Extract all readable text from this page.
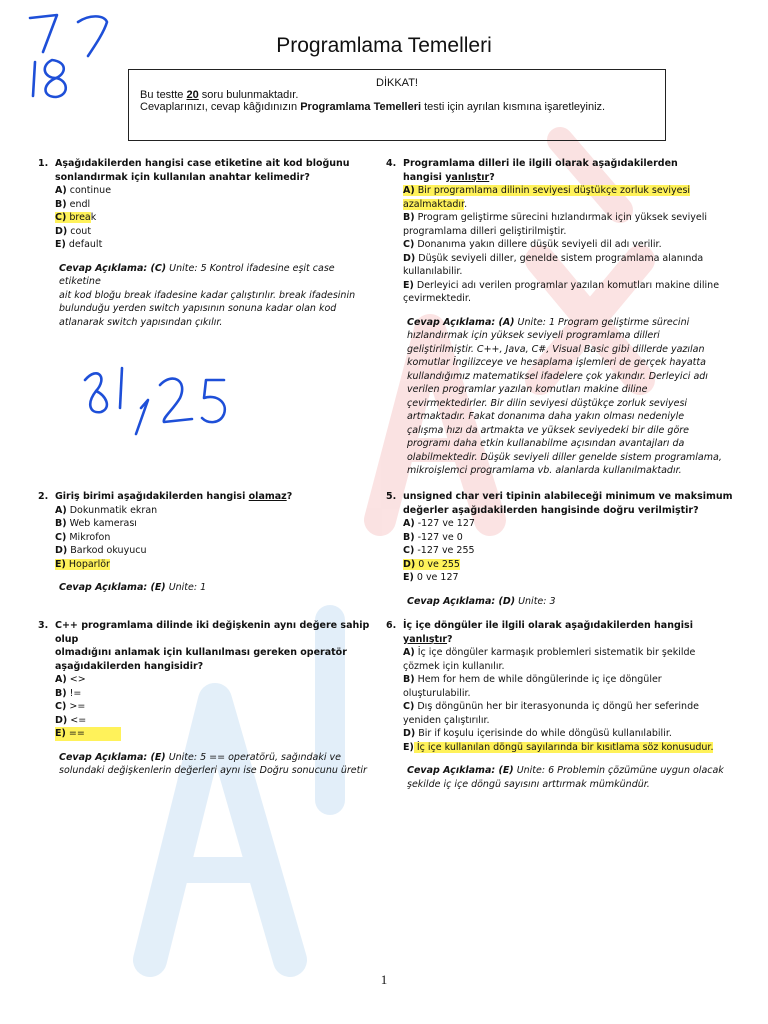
Programlama Temelleri
DİKKAT!
Bu testte 20 soru bulunmaktadır.
Cevaplarınızı, cevap kâğıdınızın Programlama Temelleri testi için ayrılan kısmına işaretleyiniz.
1. Aşağıdakilerden hangisi case etiketine ait kod bloğunu
sonlandırmak için kullanılan anahtar kelimedir?
A) continue
B) endl
C) break
D) cout
E) default
Cevap Açıklama: (C) Unite: 5 Kontrol ifadesine eşit case etiketine
ait kod bloğu break ifadesine kadar çalıştırılır. break ifadesinin
bulunduğu yerden switch yapısının sonuna kadar olan kod
atlanarak switch yapısından çıkılır.
2. Giriş birimi aşağıdakilerden hangisi olamaz?
A) Dokunmatik ekran
B) Web kamerası
C) Mikrofon
D) Barkod okuyucu
E) Hoparlör
Cevap Açıklama: (E) Unite: 1
3. C++ programlama dilinde iki değişkenin aynı değere sahip olup
olmadığını anlamak için kullanılması gereken operatör
aşağıdakilerden hangisidir?
A) <>
B) !=
C) >=
D) <=
E) ==
Cevap Açıklama: (E) Unite: 5 == operatörü, sağındaki ve
solundaki değişkenlerin değerleri aynı ise Doğru sonucunu üretir
4. Programlama dilleri ile ilgili olarak aşağıdakilerden
hangisi yanlıştır?
A) Bir programlama dilinin seviyesi düştükçe zorluk seviyesi
azalmaktadır.
B) Program geliştirme sürecini hızlandırmak için yüksek seviyeli
programlama dilleri geliştirilmiştir.
C) Donanıma yakın dillere düşük seviyeli dil adı verilir.
D) Düşük seviyeli diller, genelde sistem programlama alanında
kullanılabilir.
E) Derleyici adı verilen programlar yazılan komutları makine diline
çevirmektedir.
Cevap Açıklama: (A) Unite: 1 Program geliştirme sürecini
hızlandırmak için yüksek seviyeli programlama dilleri
geliştirilmiştir. C++, Java, C#, Visual Basic gibi dillerde yazılan
komutlar İngilizceye ve hesaplama işlemleri de gerçek hayatta
kullandığımız matematiksel ifadelere çok yakındır. Derleyici adı
verilen programlar yazılan komutları makine diline
çevirmektedirler. Bir dilin seviyesi düştükçe zorluk seviyesi
artmaktadır. Fakat donanıma daha yakın olması nedeniyle
çalışma hızı da artmakta ve yüksek seviyedeki bir dile göre
programı daha etkin kullanabilme açısından avantajları da
olabilmektedir. Düşük seviyeli diller genelde sistem programlama,
mikroişlemci programlama vb. alanlarda kullanılmaktadır.
5. unsigned char veri tipinin alabileceği minimum ve maksimum
değerler aşağıdakilerden hangisinde doğru verilmiştir?
A) -127 ve 127
B) -127 ve 0
C) -127 ve 255
D) 0 ve 255
E) 0 ve 127
Cevap Açıklama: (D) Unite: 3
6. İç içe döngüler ile ilgili olarak aşağıdakilerden hangisi yanlıştır?
A) İç içe döngüler karmaşık problemleri sistematik bir şekilde
çözmek için kullanılır.
B) Hem for hem de while döngülerinde iç içe döngüler
oluşturulabilir.
C) Dış döngünün her bir iterasyonunda iç döngü her seferinde
yeniden çalıştırılır.
D) Bir if koşulu içerisinde do while döngüsü kullanılabilir.
E) İç içe kullanılan döngü sayılarında bir kısıtlama söz konusudur.
Cevap Açıklama: (E) Unite: 6 Problemin çözümüne uygun olacak
şekilde iç içe döngü sayısını arttırmak mümkündür.
1
